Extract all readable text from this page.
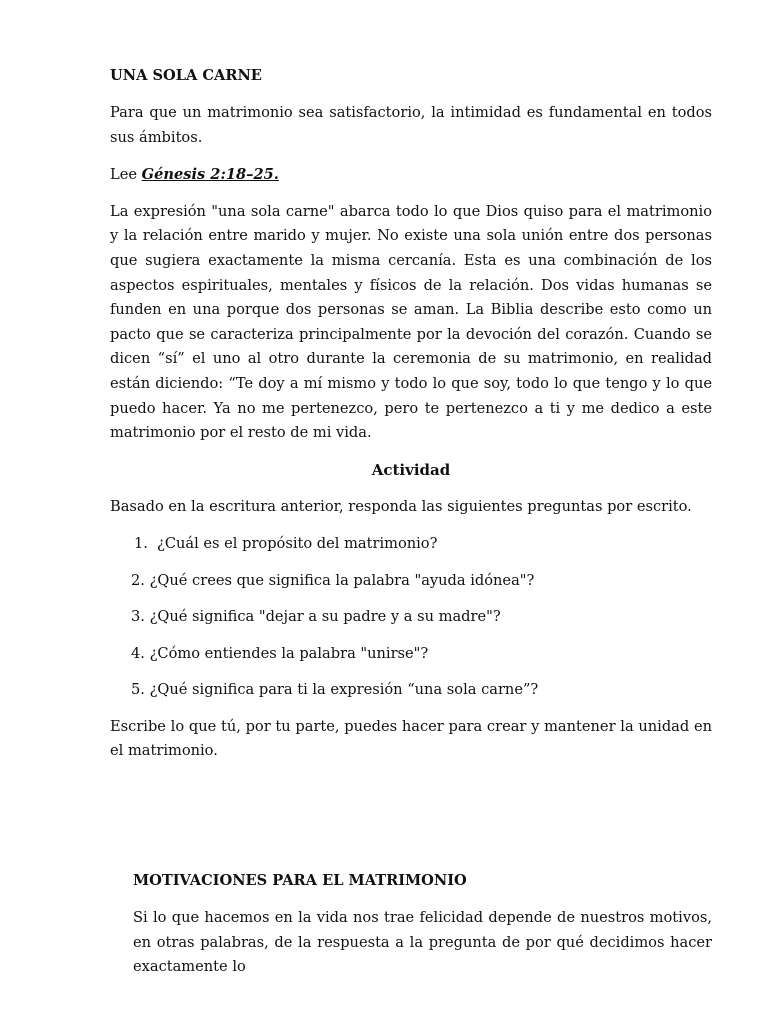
UNA SOLA CARNE

Para que un matrimonio sea satisfactorio, la intimidad es fundamental en todos sus ámbitos.

Lee Génesis 2:18–25.

La expresión "una sola carne" abarca todo lo que Dios quiso para el matrimonio y la relación entre marido y mujer. No existe una sola unión entre dos personas que sugiera exactamente la misma cercanía. Esta es una combinación de los aspectos espirituales, mentales y físicos de la relación. Dos vidas humanas se funden en una porque dos personas se aman. La Biblia describe esto como un pacto que se caracteriza principalmente por la devoción del corazón. Cuando se dicen “sí” el uno al otro durante la ceremonia de su matrimonio, en realidad están diciendo: “Te doy a mí mismo y todo lo que soy, todo lo que tengo y lo que puedo hacer. Ya no me pertenezco, pero te pertenezco a ti y me dedico a este matrimonio por el resto de mi vida.

Actividad

Basado en la escritura anterior, responda las siguientes preguntas por escrito.

1. ¿Cuál es el propósito del matrimonio?
2. ¿Qué crees que significa la palabra "ayuda idónea"?
3. ¿Qué significa "dejar a su padre y a su madre"?
4. ¿Cómo entiendes la palabra "unirse"?
5. ¿Qué significa para ti la expresión “una sola carne”?

Escribe lo que tú, por tu parte, puedes hacer para crear y mantener la unidad en el matrimonio.

MOTIVACIONES PARA EL MATRIMONIO

Si lo que hacemos en la vida nos trae felicidad depende de nuestros motivos, en otras palabras, de la respuesta a la pregunta de por qué decidimos hacer exactamente lo
